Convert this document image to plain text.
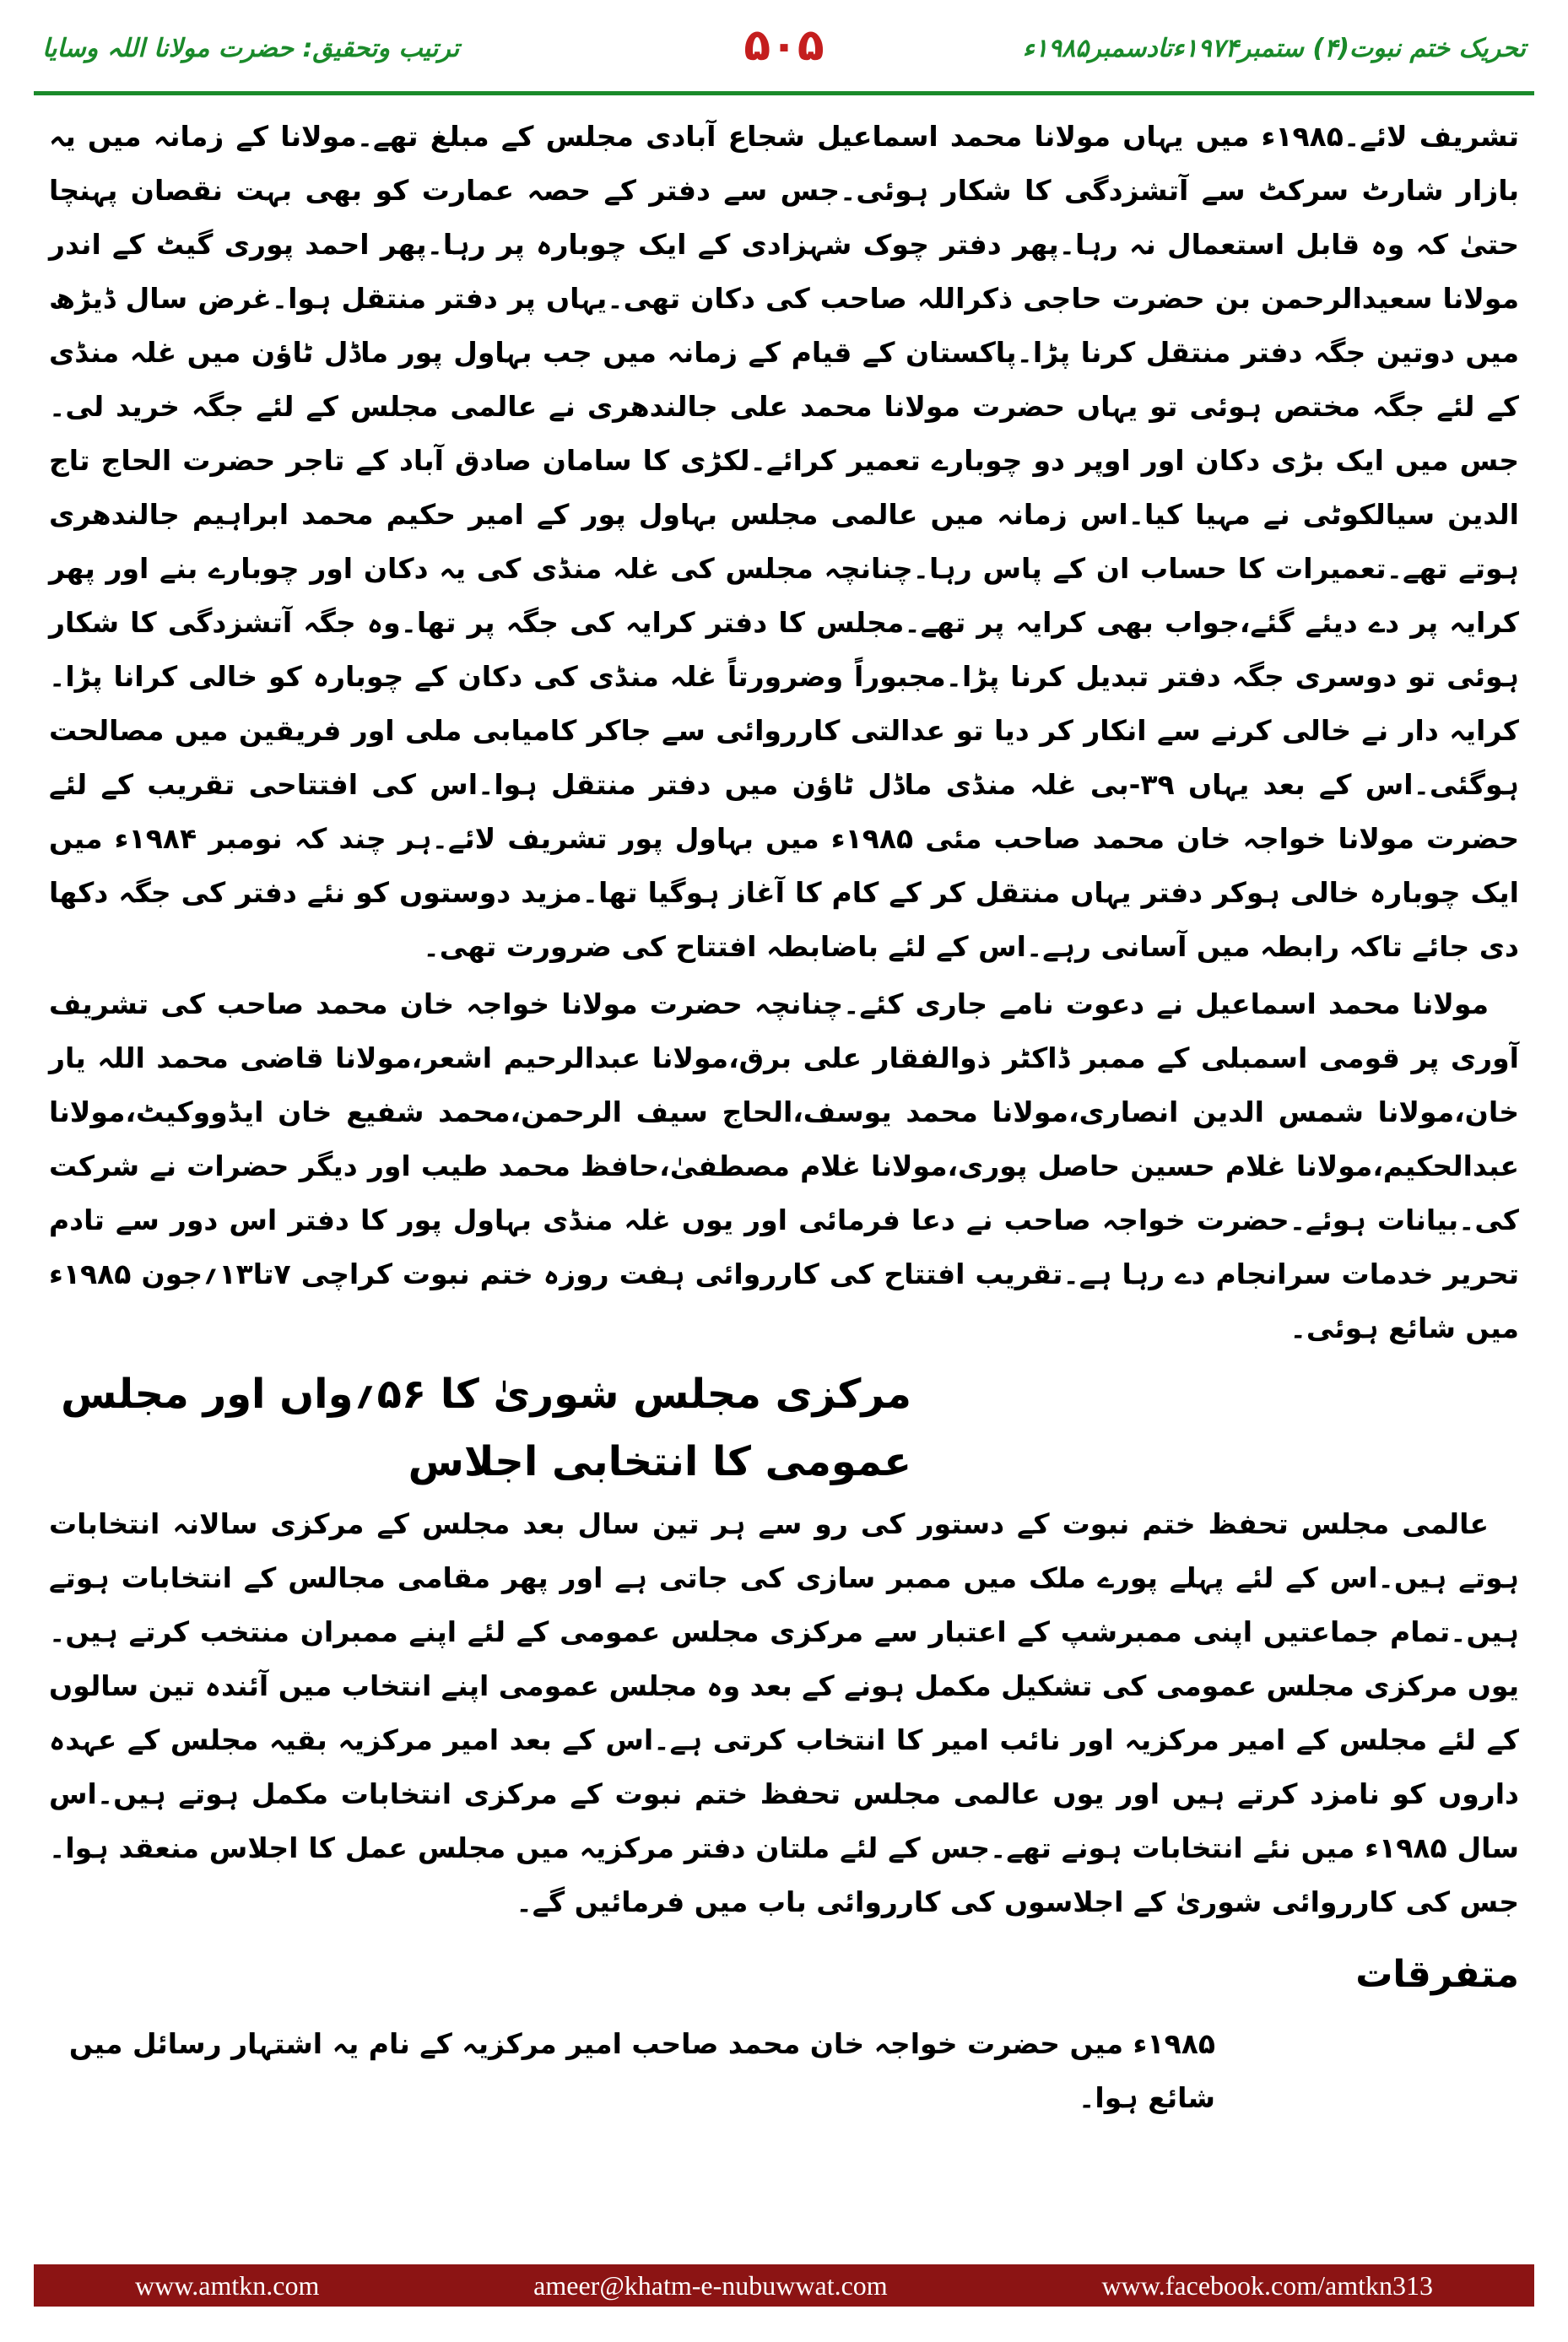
ترتیب وتحقیق: حضرت مولانا اللہ وسایا	۵۰۵	تحریک ختم نبوت(۴) ستمبر۱۹۷۴ءتادسمبر۱۹۸۵ء

تشریف لائے۔۱۹۸۵ء میں یہاں مولانا محمد اسماعیل شجاع آبادی مجلس کے مبلغ تھے۔مولانا کے زمانہ میں یہ بازار شارٹ سرکٹ سے آتشزدگی کا شکار ہوئی۔جس سے دفتر کے حصہ عمارت کو بھی بہت نقصان پہنچا حتیٰ کہ وہ قابل استعمال نہ رہا۔پھر دفتر چوک شہزادی کے ایک چوبارہ پر رہا۔پھر احمد پوری گیٹ کے اندر مولانا سعیدالرحمن بن حضرت حاجی ذکراللہ صاحب کی دکان تھی۔یہاں پر دفتر منتقل ہوا۔غرض سال ڈیڑھ میں دوتین جگہ دفتر منتقل کرنا پڑا۔پاکستان کے قیام کے زمانہ میں جب بہاول پور ماڈل ٹاؤن میں غلہ منڈی کے لئے جگہ مختص ہوئی تو یہاں حضرت مولانا محمد علی جالندھری نے عالمی مجلس کے لئے جگہ خرید لی۔جس میں ایک بڑی دکان اور اوپر دو چوبارے تعمیر کرائے۔لکڑی کا سامان صادق آباد کے تاجر حضرت الحاج تاج الدین سیالکوٹی نے مہیا کیا۔اس زمانہ میں عالمی مجلس بہاول پور کے امیر حکیم محمد ابراہیم جالندھری ہوتے تھے۔تعمیرات کا حساب ان کے پاس رہا۔چنانچہ مجلس کی غلہ منڈی کی یہ دکان اور چوبارے بنے اور پھر کرایہ پر دے دیئے گئے،جواب بھی کرایہ پر تھے۔مجلس کا دفتر کرایہ کی جگہ پر تھا۔وہ جگہ آتشزدگی کا شکار ہوئی تو دوسری جگہ دفتر تبدیل کرنا پڑا۔مجبوراً وضرورتاً غلہ منڈی کی دکان کے چوبارہ کو خالی کرانا پڑا۔کرایہ دار نے خالی کرنے سے انکار کر دیا تو عدالتی کارروائی سے جاکر کامیابی ملی اور فریقین میں مصالحت ہوگئی۔اس کے بعد یہاں ۳۹-بی غلہ منڈی ماڈل ٹاؤن میں دفتر منتقل ہوا۔اس کی افتتاحی تقریب کے لئے حضرت مولانا خواجہ خان محمد صاحب مئی ۱۹۸۵ء میں بہاول پور تشریف لائے۔ہر چند کہ نومبر ۱۹۸۴ء میں ایک چوبارہ خالی ہوکر دفتر یہاں منتقل کر کے کام کا آغاز ہوگیا تھا۔مزید دوستوں کو نئے دفتر کی جگہ دکھا دی جائے تاکہ رابطہ میں آسانی رہے۔اس کے لئے باضابطہ افتتاح کی ضرورت تھی۔

مولانا محمد اسماعیل نے دعوت نامے جاری کئے۔چنانچہ حضرت مولانا خواجہ خان محمد صاحب کی تشریف آوری پر قومی اسمبلی کے ممبر ڈاکٹر ذوالفقار علی برق،مولانا عبدالرحیم اشعر،مولانا قاضی محمد اللہ یار خان،مولانا شمس الدین انصاری،مولانا محمد یوسف،الحاج سیف الرحمن،محمد شفیع خان ایڈووکیٹ،مولانا عبدالحکیم،مولانا غلام حسین حاصل پوری،مولانا غلام مصطفیٰ،حافظ محمد طیب اور دیگر حضرات نے شرکت کی۔بیانات ہوئے۔حضرت خواجہ صاحب نے دعا فرمائی اور یوں غلہ منڈی بہاول پور کا دفتر اس دور سے تادم تحریر خدمات سرانجام دے رہا ہے۔تقریب افتتاح کی کارروائی ہفت روزہ ختم نبوت کراچی ۷تا۱۳؍جون ۱۹۸۵ء میں شائع ہوئی۔

مرکزی مجلس شوریٰ کا ۵۶؍واں اور مجلس عمومی کا انتخابی اجلاس

عالمی مجلس تحفظ ختم نبوت کے دستور کی رو سے ہر تین سال بعد مجلس کے مرکزی سالانہ انتخابات ہوتے ہیں۔اس کے لئے پہلے پورے ملک میں ممبر سازی کی جاتی ہے اور پھر مقامی مجالس کے انتخابات ہوتے ہیں۔تمام جماعتیں اپنی ممبرشپ کے اعتبار سے مرکزی مجلس عمومی کے لئے اپنے ممبران منتخب کرتے ہیں۔یوں مرکزی مجلس عمومی کی تشکیل مکمل ہونے کے بعد وہ مجلس عمومی اپنے انتخاب میں آئندہ تین سالوں کے لئے مجلس کے امیر مرکزیہ اور نائب امیر کا انتخاب کرتی ہے۔اس کے بعد امیر مرکزیہ بقیہ مجلس کے عہدہ داروں کو نامزد کرتے ہیں اور یوں عالمی مجلس تحفظ ختم نبوت کے مرکزی انتخابات مکمل ہوتے ہیں۔اس سال ۱۹۸۵ء میں نئے انتخابات ہونے تھے۔جس کے لئے ملتان دفتر مرکزیہ میں مجلس عمل کا اجلاس منعقد ہوا۔جس کی کارروائی شوریٰ کے اجلاسوں کی کارروائی باب میں فرمائیں گے۔

متفرقات

۱۹۸۵ء میں حضرت خواجہ خان محمد صاحب امیر مرکزیہ کے نام یہ اشتہار رسائل میں شائع ہوا۔

www.amtkn.com	ameer@khatm-e-nubuwwat.com	www.facebook.com/amtkn313
